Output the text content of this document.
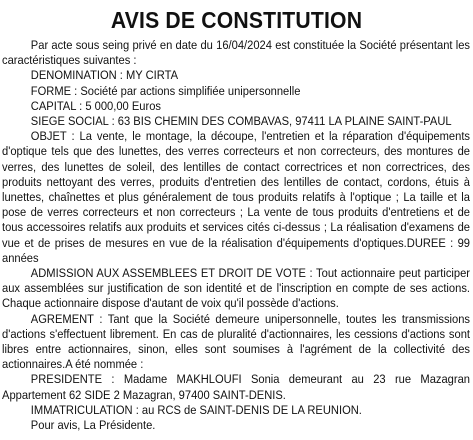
AVIS DE CONSTITUTION

Par acte sous seing privé en date du 16/04/2024 est constituée la Société présentant les caractéristiques suivantes :

DENOMINATION : MY CIRTA

FORME : Société par actions simplifiée unipersonnelle

CAPITAL : 5 000,00 Euros

SIEGE SOCIAL : 63 BIS CHEMIN DES COMBAVAS, 97411 LA PLAINE SAINT-PAUL

OBJET : La vente, le montage, la découpe, l'entretien et la réparation d'équipements d'optique tels que des lunettes, des verres correcteurs et non correcteurs, des montures de verres, des lunettes de soleil, des lentilles de contact correctrices et non correctrices, des produits nettoyant des verres, produits d'entretien des lentilles de contact, cordons, étuis à lunettes, chaînettes et plus généralement de tous produits relatifs à l'optique ; La taille et la pose de verres correcteurs et non correcteurs ; La vente de tous produits d'entretiens et de tous accessoires relatifs aux produits et services cités ci-dessus ; La réalisation d'examens de vue et de prises de mesures en vue de la réalisation d'équipements d'optiques.DUREE : 99 années

ADMISSION AUX ASSEMBLEES ET DROIT DE VOTE : Tout actionnaire peut participer aux assemblées sur justification de son identité et de l'inscription en compte de ses actions. Chaque actionnaire dispose d'autant de voix qu'il possède d'actions.

AGREMENT : Tant que la Société demeure unipersonnelle, toutes les transmissions d'actions s'effectuent librement. En cas de pluralité d'actionnaires, les cessions d'actions sont libres entre actionnaires, sinon, elles sont soumises à l'agrément de la collectivité des actionnaires.A été nommée :

PRESIDENTE : Madame MAKHLOUFI Sonia demeurant au 23 rue Mazagran Appartement 62 SIDE 2 Mazagran, 97400 SAINT-DENIS.

IMMATRICULATION : au RCS de SAINT-DENIS DE LA REUNION.

Pour avis, La Présidente.
